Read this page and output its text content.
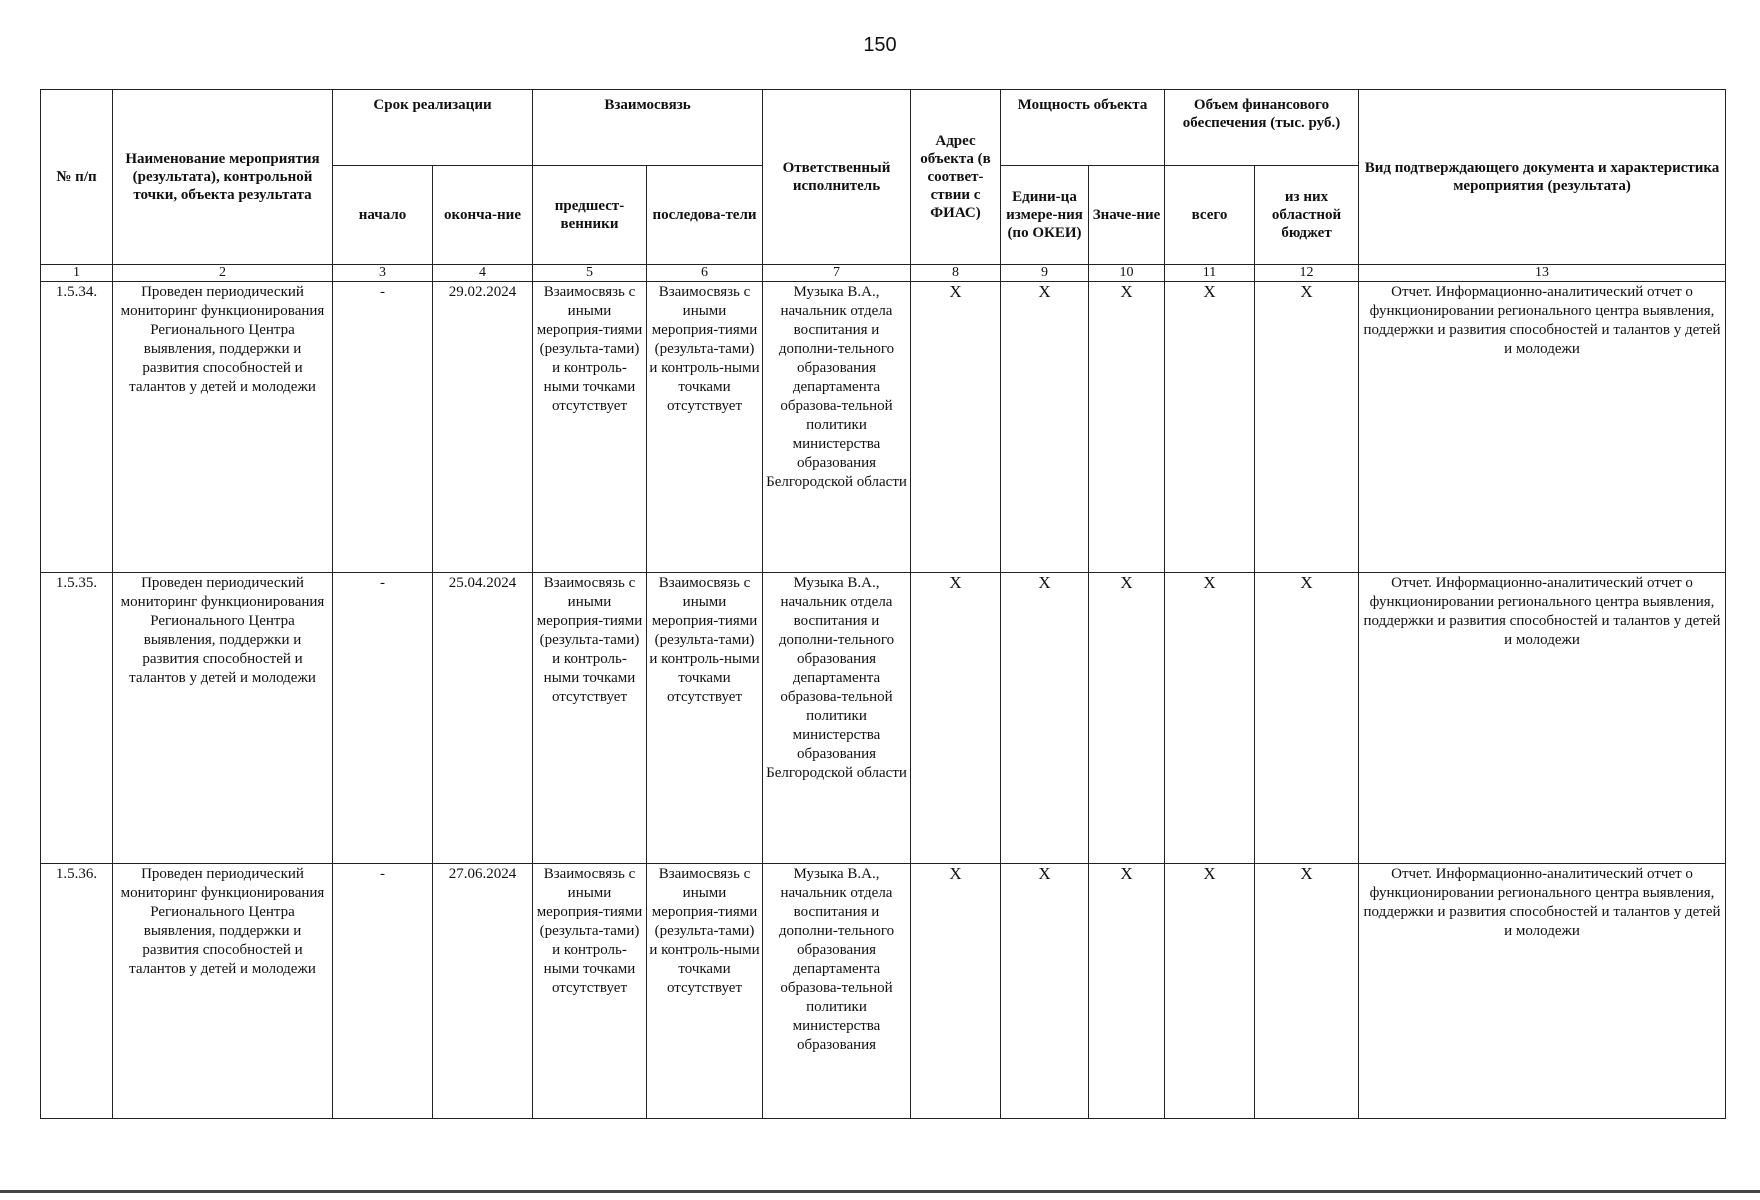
150
№ п/п	Наименование мероприятия (результата), контрольной точки, объекта результата	Срок реализации		Взаимосвязь		Ответственный исполнитель	Адрес объекта (в соответ-ствии с ФИАС)	Мощность объекта		Объем финансового обеспечения (тыс. руб.)		Вид подтверждающего документа и характеристика мероприятия (результата)
		начало	оконча-ние	предшест-венники	последова-тели			Едини-ца измере-ния (по ОКЕИ)	Значе-ние	всего	из них областной бюджет	
1	2	3	4	5	6	7	8	9	10	11	12	13
1.5.34.	Проведен периодический мониторинг функционирования Регионального Центра выявления, поддержки и развития способностей и талантов у детей и молодежи	-	29.02.2024	Взаимосвязь с иными мероприя-тиями (результа-тами) и контроль-ными точками отсутствует	Взаимосвязь с иными мероприя-тиями (результа-тами) и контроль-ными точками отсутствует	Музыка В.А., начальник отдела воспитания и дополни-тельного образования департамента образова-тельной политики министерства образования Белгородской области	X	X	X	X	X	Отчет. Информационно-аналитический отчет о функционировании регионального центра выявления, поддержки и развития способностей и талантов у детей и молодежи
1.5.35.	Проведен периодический мониторинг функционирования Регионального Центра выявления, поддержки и развития способностей и талантов у детей и молодежи	-	25.04.2024	Взаимосвязь с иными мероприя-тиями (результа-тами) и контроль-ными точками отсутствует	Взаимосвязь с иными мероприя-тиями (результа-тами) и контроль-ными точками отсутствует	Музыка В.А., начальник отдела воспитания и дополни-тельного образования департамента образова-тельной политики министерства образования Белгородской области	X	X	X	X	X	Отчет. Информационно-аналитический отчет о функционировании регионального центра выявления, поддержки и развития способностей и талантов у детей и молодежи
1.5.36.	Проведен периодический мониторинг функционирования Регионального Центра выявления, поддержки и развития способностей и талантов у детей и молодежи	-	27.06.2024	Взаимосвязь с иными мероприя-тиями (результа-тами) и контроль-ными точками отсутствует	Взаимосвязь с иными мероприя-тиями (результа-тами) и контроль-ными точками отсутствует	Музыка В.А., начальник отдела воспитания и дополни-тельного образования департамента образова-тельной политики министерства образования	X	X	X	X	X	Отчет. Информационно-аналитический отчет о функционировании регионального центра выявления, поддержки и развития способностей и талантов у детей и молодежи
